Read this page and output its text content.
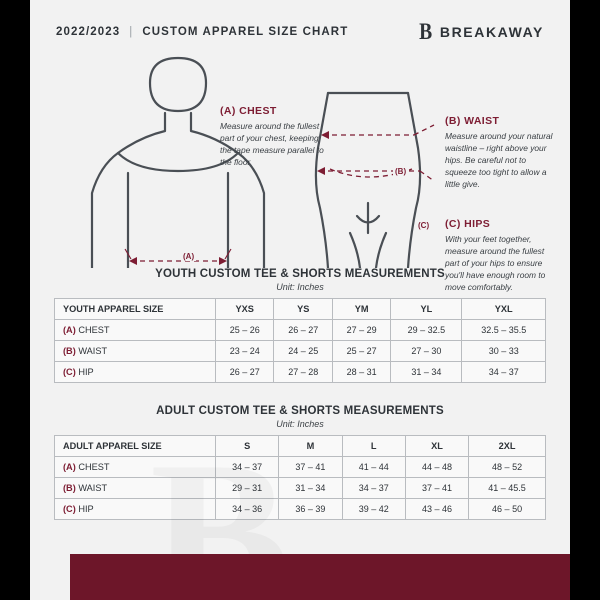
2022/2023 | CUSTOM APPAREL SIZE CHART	B BREAKAWAY
(A)
(B)
(C)
(A) CHEST
Measure around the fullest part of your chest, keeping the tape measure parallel to the floor
(B) WAIST
Measure around your natural waistline – right above your hips. Be careful not to squeeze too tight to allow a little give.
(C) HIPS
With your feet together, measure around the fullest part of your hips to ensure you'll have enough room to move comfortably.
YOUTH CUSTOM TEE & SHORTS MEASUREMENTS
Unit: Inches
YOUTH APPAREL SIZE	YXS	YS	YM	YL	YXL
(A) CHEST	25 – 26	26 – 27	27 – 29	29 – 32.5	32.5 – 35.5
(B) WAIST	23 – 24	24 – 25	25 – 27	27 – 30	30 – 33
(C) HIP	26 – 27	27 – 28	28 – 31	31 – 34	34 – 37
ADULT CUSTOM TEE & SHORTS MEASUREMENTS
Unit: Inches
ADULT APPAREL SIZE	S	M	L	XL	2XL
(A) CHEST	34 – 37	37 – 41	41 – 44	44 – 48	48 – 52
(B) WAIST	29 – 31	31 – 34	34 – 37	37 – 41	41 – 45.5
(C) HIP	34 – 36	36 – 39	39 – 42	43 – 46	46 – 50
